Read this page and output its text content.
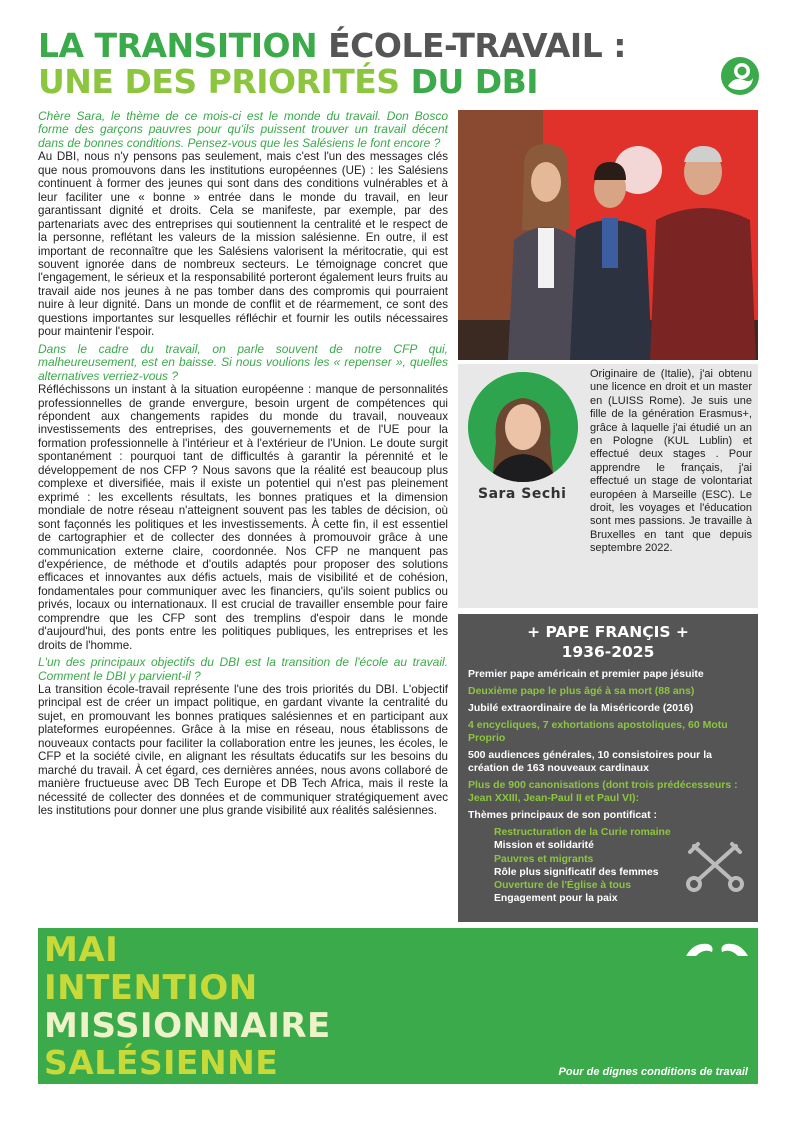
LA TRANSITION ÉCOLE-TRAVAIL :
UNE DES PRIORITÉS DU DBI

Chère Sara, le thème de ce mois-ci est le monde du travail. Don Bosco forme des garçons pauvres pour qu'ils puissent trouver un travail décent dans de bonnes conditions. Pensez-vous que les Salésiens le font encore ?

Au DBI, nous n'y pensons pas seulement, mais c'est l'un des messages clés que nous promouvons dans les institutions européennes (UE) : les Salésiens continuent à former des jeunes qui sont dans des conditions vulnérables et à leur faciliter une « bonne » entrée dans le monde du travail, en leur garantissant dignité et droits. Cela se manifeste, par exemple, par des partenariats avec des entreprises qui soutiennent la centralité et le respect de la personne, reflétant les valeurs de la mission salésienne. En outre, il est important de reconnaître que les Salésiens valorisent la méritocratie, qui est souvent ignorée dans de nombreux secteurs. Le témoignage concret que l'engagement, le sérieux et la responsabilité porteront également leurs fruits au travail aide nos jeunes à ne pas tomber dans des compromis qui pourraient nuire à leur dignité. Dans un monde de conflit et de réarmement, ce sont des questions importantes sur lesquelles réfléchir et fournir les outils nécessaires pour maintenir l'espoir.

Dans le cadre du travail, on parle souvent de notre CFP qui, malheureusement, est en baisse. Si nous voulions les « repenser », quelles alternatives verriez-vous ?

Réfléchissons un instant à la situation européenne : manque de personnalités professionnelles de grande envergure, besoin urgent de compétences qui répondent aux changements rapides du monde du travail, nouveaux investissements des entreprises, des gouvernements et de l'UE pour la formation professionnelle à l'intérieur et à l'extérieur de l'Union. Le doute surgit spontanément : pourquoi tant de difficultés à garantir la pérennité et le développement de nos CFP ? Nous savons que la réalité est beaucoup plus complexe et diversifiée, mais il existe un potentiel qui n'est pas pleinement exprimé : les excellents résultats, les bonnes pratiques et la dimension mondiale de notre réseau n'atteignent souvent pas les tables de décision, où sont façonnés les politiques et les investissements. À cette fin, il est essentiel de cartographier et de collecter des données à promouvoir grâce à une communication externe claire, coordonnée. Nos CFP ne manquent pas d'expérience, de méthode et d'outils adaptés pour proposer des solutions efficaces et innovantes aux défis actuels, mais de visibilité et de cohésion, fondamentales pour communiquer avec les financiers, qu'ils soient publics ou privés, locaux ou internationaux. Il est crucial de travailler ensemble pour faire comprendre que les CFP sont des tremplins d'espoir dans le monde d'aujourd'hui, des ponts entre les politiques publiques, les entreprises et les droits de l'homme.

L'un des principaux objectifs du DBI est la transition de l'école au travail. Comment le DBI y parvient-il ?

La transition école-travail représente l'une des trois priorités du DBI. L'objectif principal est de créer un impact politique, en gardant vivante la centralité du sujet, en promouvant les bonnes pratiques salésiennes et en participant aux plateformes européennes. Grâce à la mise en réseau, nous établissons de nouveaux contacts pour faciliter la collaboration entre les jeunes, les écoles, le CFP et la société civile, en alignant les résultats éducatifs sur les besoins du marché du travail. À cet égard, ces dernières années, nous avons collaboré de manière fructueuse avec DB Tech Europe et DB Tech Africa, mais il reste la nécessité de collecter des données et de communiquer stratégiquement avec les institutions pour donner une plus grande visibilité aux réalités salésiennes.

Sara Sechi
Originaire de (Italie), j'ai obtenu une licence en droit et un master en (LUISS Rome). Je suis une fille de la génération Erasmus+, grâce à laquelle j'ai étudié un an en Pologne (KUL Lublin) et effectué deux stages . Pour apprendre le français, j'ai effectué un stage de volontariat européen à Marseille (ESC). Le droit, les voyages et l'éducation sont mes passions. Je travaille à Bruxelles en tant que depuis septembre 2022.
+ PAPE FRANÇIS +
1936-2025
Premier pape américain et premier pape jésuite
Deuxième pape le plus âgé à sa mort (88 ans)
Jubilé extraordinaire de la Miséricorde (2016)
4 encycliques, 7 exhortations apostoliques, 60 Motu Proprio
500 audiences générales, 10 consistoires pour la création de 163 nouveaux cardinaux
Plus de 900 canonisations (dont trois prédécesseurs : Jean XXIII, Jean-Paul II et Paul VI):
Thèmes principaux de son pontificat :
Restructuration de la Curie romaine
Mission et solidarité
Pauvres et migrants
Rôle plus significatif des femmes
Ouverture de l'Église à tous
Engagement pour la paix
MAI
INTENTION
MISSIONNAIRE
SALÉSIENNE	Pour de dignes conditions de travail
